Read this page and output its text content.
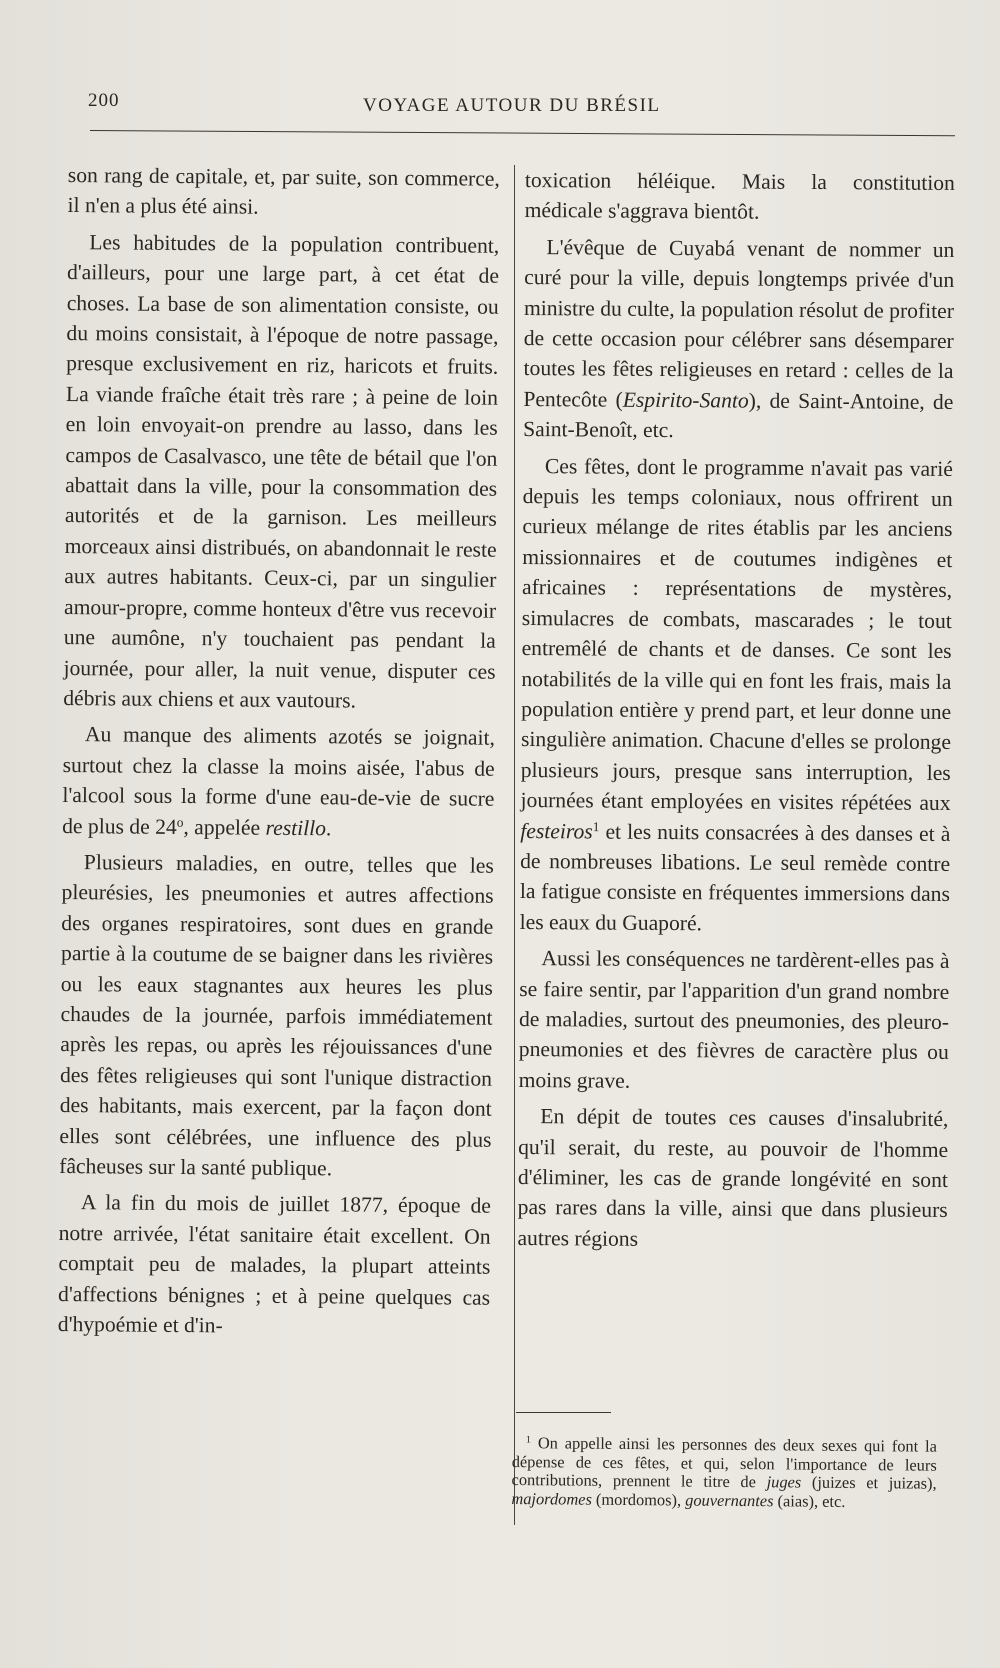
200	VOYAGE AUTOUR DU BRÉSIL

son rang de capitale, et, par suite, son commerce, il n'en a plus été ainsi.

Les habitudes de la population contribuent, d'ailleurs, pour une large part, à cet état de choses. La base de son alimentation consiste, ou du moins consistait, à l'époque de notre passage, presque exclusivement en riz, haricots et fruits. La viande fraîche était très rare ; à peine de loin en loin envoyait-on prendre au lasso, dans les campos de Casalvasco, une tête de bétail que l'on abattait dans la ville, pour la consommation des autorités et de la garnison. Les meilleurs morceaux ainsi distribués, on abandonnait le reste aux autres habitants. Ceux-ci, par un singulier amour-propre, comme honteux d'être vus recevoir une aumône, n'y touchaient pas pendant la journée, pour aller, la nuit venue, disputer ces débris aux chiens et aux vautours.

Au manque des aliments azotés se joignait, surtout chez la classe la moins aisée, l'abus de l'alcool sous la forme d'une eau-de-vie de sucre de plus de 24$^o$, appelée restillo.

Plusieurs maladies, en outre, telles que les pleurésies, les pneumonies et autres affections des organes respiratoires, sont dues en grande partie à la coutume de se baigner dans les rivières ou les eaux stagnantes aux heures les plus chaudes de la journée, parfois immédiatement après les repas, ou après les réjouissances d'une des fêtes religieuses qui sont l'unique distraction des habitants, mais exercent, par la façon dont elles sont célébrées, une influence des plus fâcheuses sur la santé publique.

A la fin du mois de juillet 1877, époque de notre arrivée, l'état sanitaire était excellent. On comptait peu de malades, la plupart atteints d'affections bénignes ; et à peine quelques cas d'hypoémie et d'in-

toxication héléique. Mais la constitution médicale s'aggrava bientôt.

L'évêque de Cuyabá venant de nommer un curé pour la ville, depuis longtemps privée d'un ministre du culte, la population résolut de profiter de cette occasion pour célébrer sans désemparer toutes les fêtes religieuses en retard : celles de la Pentecôte (Espirito-Santo), de Saint-Antoine, de Saint-Benoît, etc.

Ces fêtes, dont le programme n'avait pas varié depuis les temps coloniaux, nous offrirent un curieux mélange de rites établis par les anciens missionnaires et de coutumes indigènes et africaines : représentations de mystères, simulacres de combats, mascarades ; le tout entremêlé de chants et de danses. Ce sont les notabilités de la ville qui en font les frais, mais la population entière y prend part, et leur donne une singulière animation. Chacune d'elles se prolonge plusieurs jours, presque sans interruption, les journées étant employées en visites répétées aux festeiros$^1$ et les nuits consacrées à des danses et à de nombreuses libations. Le seul remède contre la fatigue consiste en fréquentes immersions dans les eaux du Guaporé.

Aussi les conséquences ne tardèrent-elles pas à se faire sentir, par l'apparition d'un grand nombre de maladies, surtout des pneumonies, des pleuro-pneumonies et des fièvres de caractère plus ou moins grave.

En dépit de toutes ces causes d'insalubrité, qu'il serait, du reste, au pouvoir de l'homme d'éliminer, les cas de grande longévité en sont pas rares dans la ville, ainsi que dans plusieurs autres régions

$^1$ On appelle ainsi les personnes des deux sexes qui font la dépense de ces fêtes, et qui, selon l'importance de leurs contributions, prennent le titre de juges (juizes et juizas), majordomes (mordomos), gouvernantes (aias), etc.
